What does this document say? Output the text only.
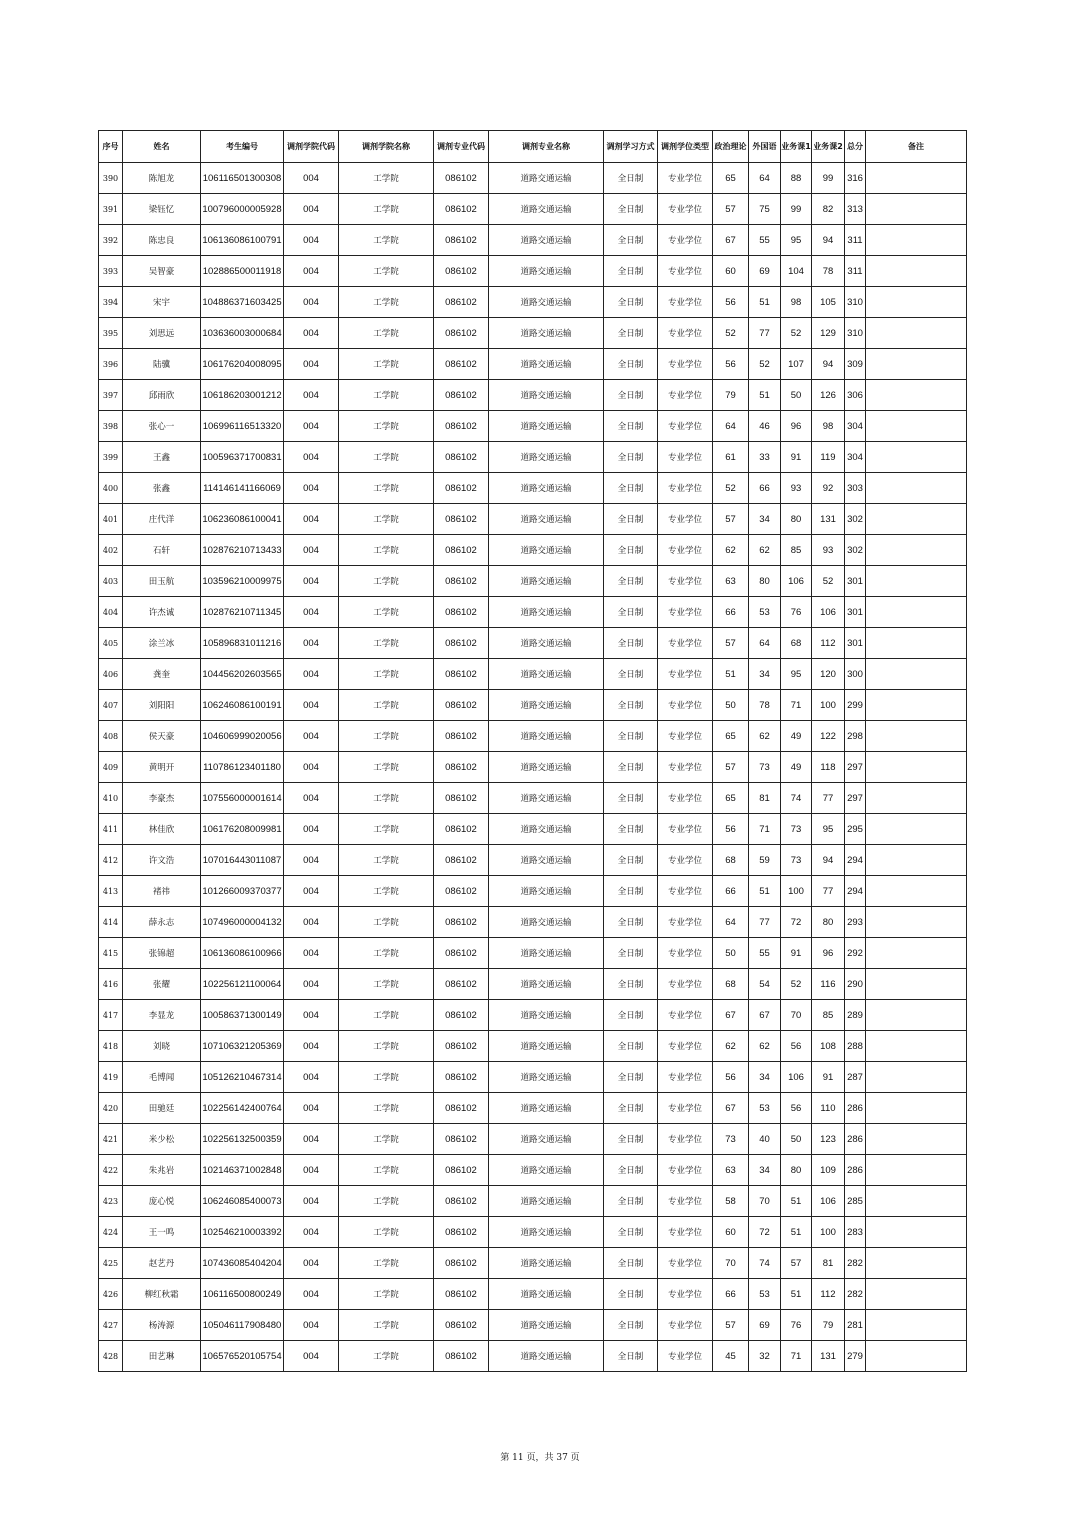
序号	姓名	考生编号	调剂学院代码	调剂学院名称	调剂专业代码	调剂专业名称	调剂学习方式	调剂学位类型	政治理论	外国语	业务课1	业务课2	总分	备注
390	陈旭龙	106116501300308	004	工学院	086102	道路交通运输	全日制	专业学位	65	64	88	99	316	
391	梁钰忆	100796000005928	004	工学院	086102	道路交通运输	全日制	专业学位	57	75	99	82	313	
392	陈忠良	106136086100791	004	工学院	086102	道路交通运输	全日制	专业学位	67	55	95	94	311	
393	吴智豪	102886500011918	004	工学院	086102	道路交通运输	全日制	专业学位	60	69	104	78	311	
394	宋宇	104886371603425	004	工学院	086102	道路交通运输	全日制	专业学位	56	51	98	105	310	
395	刘思远	103636003000684	004	工学院	086102	道路交通运输	全日制	专业学位	52	77	52	129	310	
396	陆骥	106176204008095	004	工学院	086102	道路交通运输	全日制	专业学位	56	52	107	94	309	
397	邱雨欣	106186203001212	004	工学院	086102	道路交通运输	全日制	专业学位	79	51	50	126	306	
398	张心一	106996116513320	004	工学院	086102	道路交通运输	全日制	专业学位	64	46	96	98	304	
399	王鑫	100596371700831	004	工学院	086102	道路交通运输	全日制	专业学位	61	33	91	119	304	
400	张鑫	114146141166069	004	工学院	086102	道路交通运输	全日制	专业学位	52	66	93	92	303	
401	庄代洋	106236086100041	004	工学院	086102	道路交通运输	全日制	专业学位	57	34	80	131	302	
402	石轩	102876210713433	004	工学院	086102	道路交通运输	全日制	专业学位	62	62	85	93	302	
403	田玉航	103596210009975	004	工学院	086102	道路交通运输	全日制	专业学位	63	80	106	52	301	
404	许杰诚	102876210711345	004	工学院	086102	道路交通运输	全日制	专业学位	66	53	76	106	301	
405	涂兰冰	105896831011216	004	工学院	086102	道路交通运输	全日制	专业学位	57	64	68	112	301	
406	龚奎	104456202603565	004	工学院	086102	道路交通运输	全日制	专业学位	51	34	95	120	300	
407	刘阳阳	106246086100191	004	工学院	086102	道路交通运输	全日制	专业学位	50	78	71	100	299	
408	侯天豪	104606999020056	004	工学院	086102	道路交通运输	全日制	专业学位	65	62	49	122	298	
409	黄明开	110786123401180	004	工学院	086102	道路交通运输	全日制	专业学位	57	73	49	118	297	
410	李豪杰	107556000001614	004	工学院	086102	道路交通运输	全日制	专业学位	65	81	74	77	297	
411	林佳欣	106176208009981	004	工学院	086102	道路交通运输	全日制	专业学位	56	71	73	95	295	
412	许文浩	107016443011087	004	工学院	086102	道路交通运输	全日制	专业学位	68	59	73	94	294	
413	褚祎	101266009370377	004	工学院	086102	道路交通运输	全日制	专业学位	66	51	100	77	294	
414	薛永志	107496000004132	004	工学院	086102	道路交通运输	全日制	专业学位	64	77	72	80	293	
415	张锦超	106136086100966	004	工学院	086102	道路交通运输	全日制	专业学位	50	55	91	96	292	
416	张耀	102256121100064	004	工学院	086102	道路交通运输	全日制	专业学位	68	54	52	116	290	
417	李显龙	100586371300149	004	工学院	086102	道路交通运输	全日制	专业学位	67	67	70	85	289	
418	刘晓	107106321205369	004	工学院	086102	道路交通运输	全日制	专业学位	62	62	56	108	288	
419	毛博闻	105126210467314	004	工学院	086102	道路交通运输	全日制	专业学位	56	34	106	91	287	
420	田驰廷	102256142400764	004	工学院	086102	道路交通运输	全日制	专业学位	67	53	56	110	286	
421	米少松	102256132500359	004	工学院	086102	道路交通运输	全日制	专业学位	73	40	50	123	286	
422	朱兆岩	102146371002848	004	工学院	086102	道路交通运输	全日制	专业学位	63	34	80	109	286	
423	庞心悦	106246085400073	004	工学院	086102	道路交通运输	全日制	专业学位	58	70	51	106	285	
424	王一鸣	102546210003392	004	工学院	086102	道路交通运输	全日制	专业学位	60	72	51	100	283	
425	赵艺丹	107436085404204	004	工学院	086102	道路交通运输	全日制	专业学位	70	74	57	81	282	
426	柳红秋霜	106116500800249	004	工学院	086102	道路交通运输	全日制	专业学位	66	53	51	112	282	
427	杨涛源	105046117908480	004	工学院	086102	道路交通运输	全日制	专业学位	57	69	76	79	281	
428	田艺琳	106576520105754	004	工学院	086102	道路交通运输	全日制	专业学位	45	32	71	131	279	
第 11 页，共 37 页
